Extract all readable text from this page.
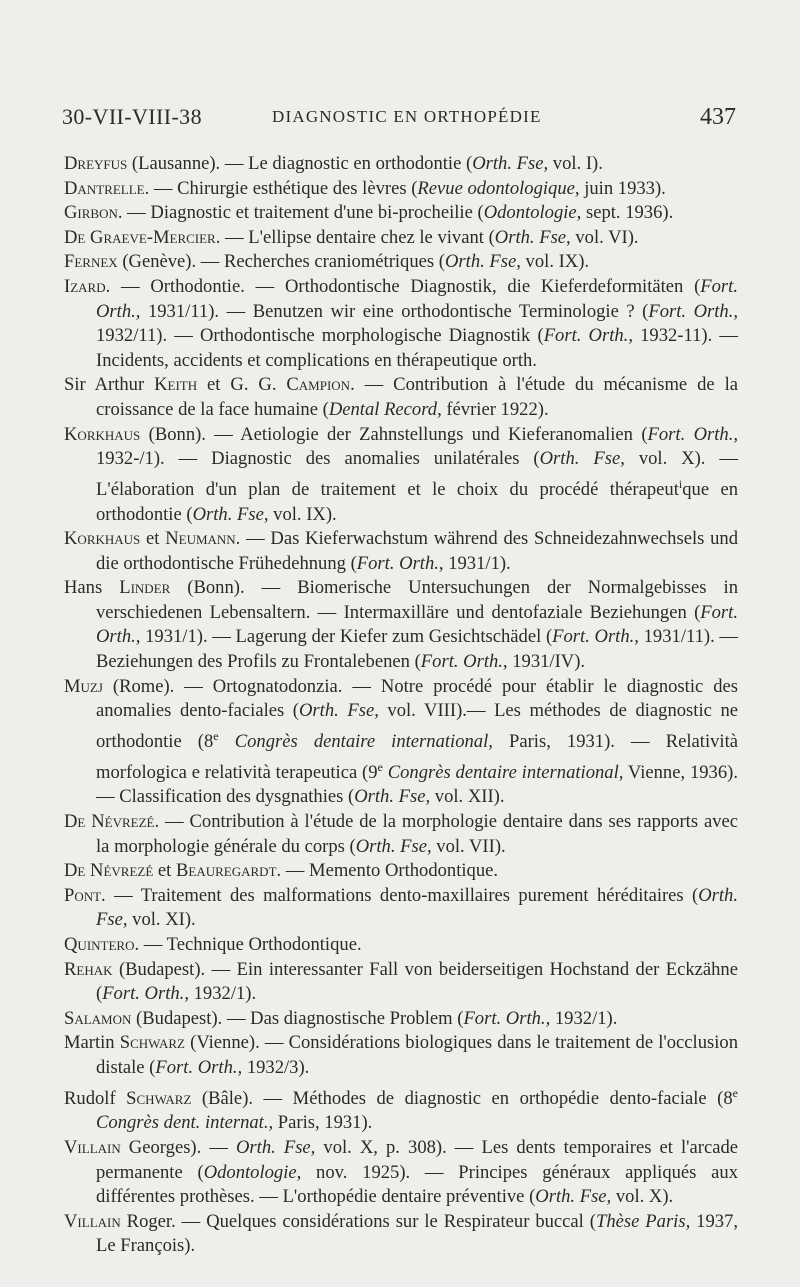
30-VII-VIII-38	DIAGNOSTIC EN ORTHOPÉDIE	437
Dreyfus (Lausanne). — Le diagnostic en orthodontie (Orth. Fse, vol. I).
Dantrelle. — Chirurgie esthétique des lèvres (Revue odontologique, juin 1933).
Girbon. — Diagnostic et traitement d'une bi-procheilie (Odontologie, sept. 1936).
De Graeve-Mercier. — L'ellipse dentaire chez le vivant (Orth. Fse, vol. VI).
Fernex (Genève). — Recherches craniométriques (Orth. Fse, vol. IX).
Izard. — Orthodontie. — Orthodontische Diagnostik, die Kieferdeformitäten (Fort. Orth., 1931/11). — Benutzen wir eine orthodontische Terminologie ? (Fort. Orth., 1932/11). — Orthodontische morphologische Diagnostik (Fort. Orth., 1932-11). — Incidents, accidents et complications en thérapeutique orth.
Sir Arthur Keith et G. G. Campion. — Contribution à l'étude du mécanisme de la croissance de la face humaine (Dental Record, février 1922).
Korkhaus (Bonn). — Aetiologie der Zahnstellungs und Kieferanomalien (Fort. Orth., 1932-/1). — Diagnostic des anomalies unilatérales (Orth. Fse, vol. X). — L'élaboration d'un plan de traitement et le choix du procédé thérapeut$^i$que en orthodontie (Orth. Fse, vol. IX).
Korkhaus et Neumann. — Das Kieferwachstum während des Schneidezahnwechsels und die orthodontische Frühedehnung (Fort. Orth., 1931/1).
Hans Linder (Bonn). — Biomerische Untersuchungen der Normalgebisses in verschiedenen Lebensaltern. — Intermaxilläre und dentofaziale Beziehungen (Fort. Orth., 1931/1). — Lagerung der Kiefer zum Gesichtschädel (Fort. Orth., 1931/11). — Beziehungen des Profils zu Frontalebenen (Fort. Orth., 1931/IV).
Muzj (Rome). — Ortognatodonzia. — Notre procédé pour établir le diagnostic des anomalies dento-faciales (Orth. Fse, vol. VIII).— Les méthodes de diagnostic ne orthodontie (8e Congrès dentaire international, Paris, 1931). — Relatività morfologica e relatività terapeutica (9e Congrès dentaire international, Vienne, 1936). — Classification des dysgnathies (Orth. Fse, vol. XII).
De Névrezé. — Contribution à l'étude de la morphologie dentaire dans ses rapports avec la morphologie générale du corps (Orth. Fse, vol. VII).
De Névrezé et Beauregardt. — Memento Orthodontique.
Pont. — Traitement des malformations dento-maxillaires purement héréditaires (Orth. Fse, vol. XI).
Quintero. — Technique Orthodontique.
Rehak (Budapest). — Ein interessanter Fall von beiderseitigen Hochstand der Eckzähne (Fort. Orth., 1932/1).
Salamon (Budapest). — Das diagnostische Problem (Fort. Orth., 1932/1).
Martin Schwarz (Vienne). — Considérations biologiques dans le traitement de l'occlusion distale (Fort. Orth., 1932/3).
Rudolf Schwarz (Bâle). — Méthodes de diagnostic en orthopédie dento-faciale (8e Congrès dent. internat., Paris, 1931).
Villain Georges). — Orth. Fse, vol. X, p. 308). — Les dents temporaires et l'arcade permanente (Odontologie, nov. 1925). — Principes généraux appliqués aux différentes prothèses. — L'orthopédie dentaire préventive (Orth. Fse, vol. X).
Villain Roger. — Quelques considérations sur le Respirateur buccal (Thèse Paris, 1937, Le François).
